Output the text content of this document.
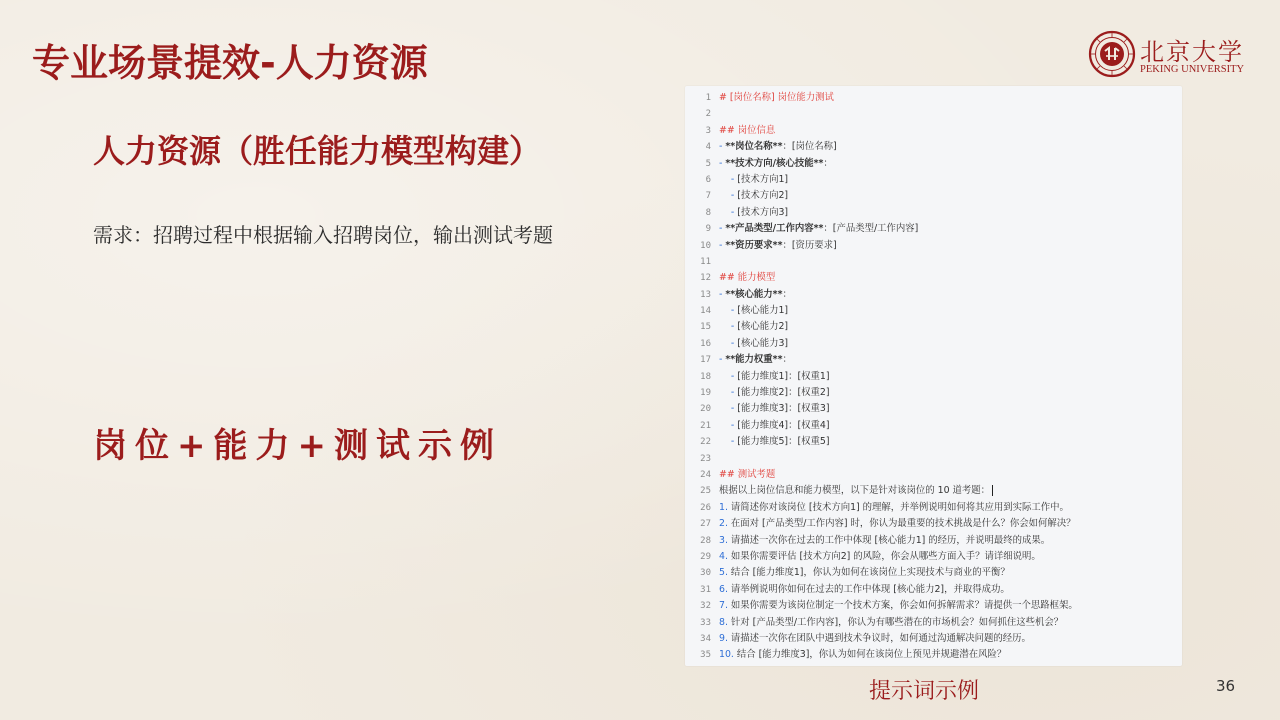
专业场景提效-人力资源	北京大学
PEKING UNIVERSITY
人力资源（胜任能力模型构建）

需求：招聘过程中根据输入招聘岗位，输出测试考题

岗位+能力+测试示例

1 # [岗位名称] 岗位能力测试
2
3 ## 岗位信息
4 - **岗位名称**：[岗位名称]
5 - **技术方向/核心技能**：
6 - [技术方向1]
7 - [技术方向2]
8 - [技术方向3]
9 - **产品类型/工作内容**：[产品类型/工作内容]
10 - **资历要求**：[资历要求]
11
12 ## 能力模型
13 - **核心能力**：
14 - [核心能力1]
15 - [核心能力2]
16 - [核心能力3]
17 - **能力权重**：
18 - [能力维度1]：[权重1]
19 - [能力维度2]：[权重2]
20 - [能力维度3]：[权重3]
21 - [能力维度4]：[权重4]
22 - [能力维度5]：[权重5]
23
24 ## 测试考题
25 根据以上岗位信息和能力模型，以下是针对该岗位的 10 道考题：
26 1. 请简述你对该岗位 [技术方向1] 的理解，并举例说明如何将其应用到实际工作中。
27 2. 在面对 [产品类型/工作内容] 时，你认为最重要的技术挑战是什么？你会如何解决？
28 3. 请描述一次你在过去的工作中体现 [核心能力1] 的经历，并说明最终的成果。
29 4. 如果你需要评估 [技术方向2] 的风险，你会从哪些方面入手？请详细说明。
30 5. 结合 [能力维度1]，你认为如何在该岗位上实现技术与商业的平衡？
31 6. 请举例说明你如何在过去的工作中体现 [核心能力2]，并取得成功。
32 7. 如果你需要为该岗位制定一个技术方案，你会如何拆解需求？请提供一个思路框架。
33 8. 针对 [产品类型/工作内容]，你认为有哪些潜在的市场机会？如何抓住这些机会？
34 9. 请描述一次你在团队中遇到技术争议时，如何通过沟通解决问题的经历。
35 10. 结合 [能力维度3]，你认为如何在该岗位上预见并规避潜在风险？

提示词示例	36
